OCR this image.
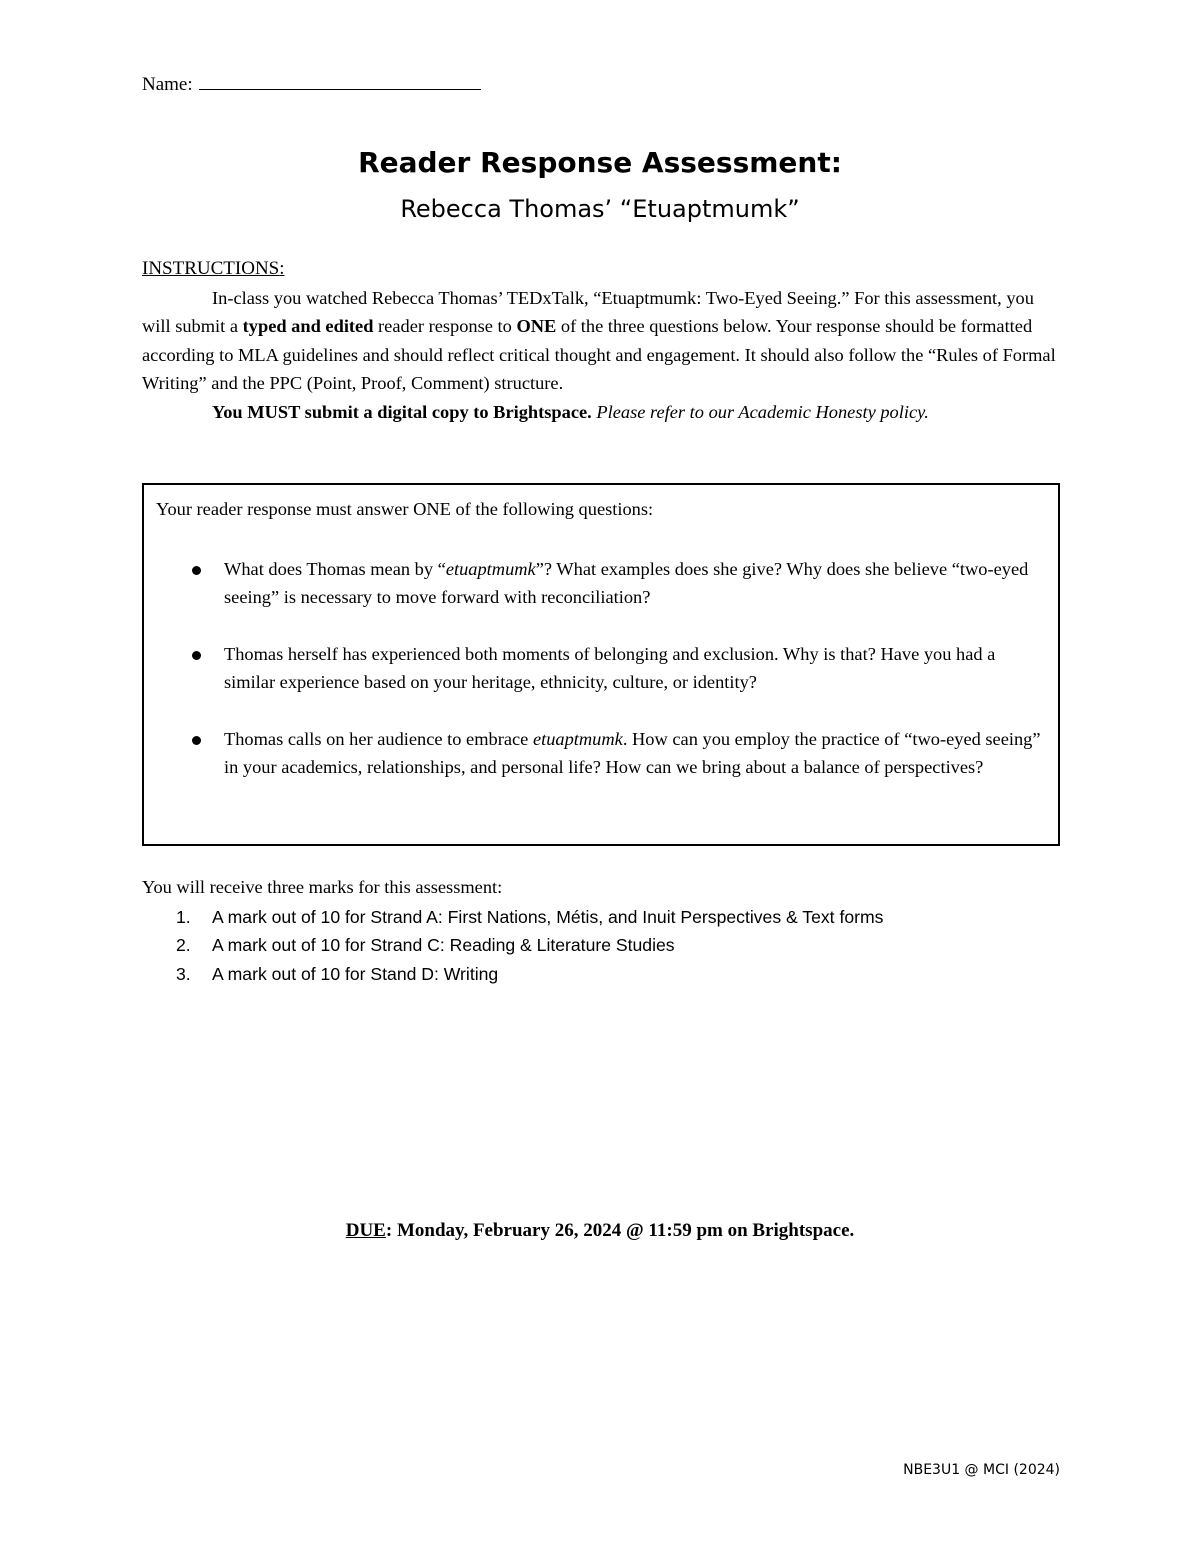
Name:
Reader Response Assessment:
Rebecca Thomas’ “Etuaptmumk”
INSTRUCTIONS:

In-class you watched Rebecca Thomas’ TEDxTalk, “Etuaptmumk: Two-Eyed Seeing.” For this assessment, you will submit a typed and edited reader response to ONE of the three questions below. Your response should be formatted according to MLA guidelines and should reflect critical thought and engagement. It should also follow the “Rules of Formal Writing” and the PPC (Point, Proof, Comment) structure.

You MUST submit a digital copy to Brightspace. Please refer to our Academic Honesty policy.

Your reader response must answer ONE of the following questions:
What does Thomas mean by “etuaptmumk”? What examples does she give? Why does she believe “two-eyed seeing” is necessary to move forward with reconciliation?
Thomas herself has experienced both moments of belonging and exclusion. Why is that? Have you had a similar experience based on your heritage, ethnicity, culture, or identity?
Thomas calls on her audience to embrace etuaptmumk. How can you employ the practice of “two-eyed seeing” in your academics, relationships, and personal life? How can we bring about a balance of perspectives?
You will receive three marks for this assessment:
1. A mark out of 10 for Strand A: First Nations, Métis, and Inuit Perspectives & Text forms
2. A mark out of 10 for Strand C: Reading & Literature Studies
3. A mark out of 10 for Stand D: Writing
DUE: Monday, February 26, 2024 @ 11:59 pm on Brightspace.
NBE3U1 @ MCI (2024)
